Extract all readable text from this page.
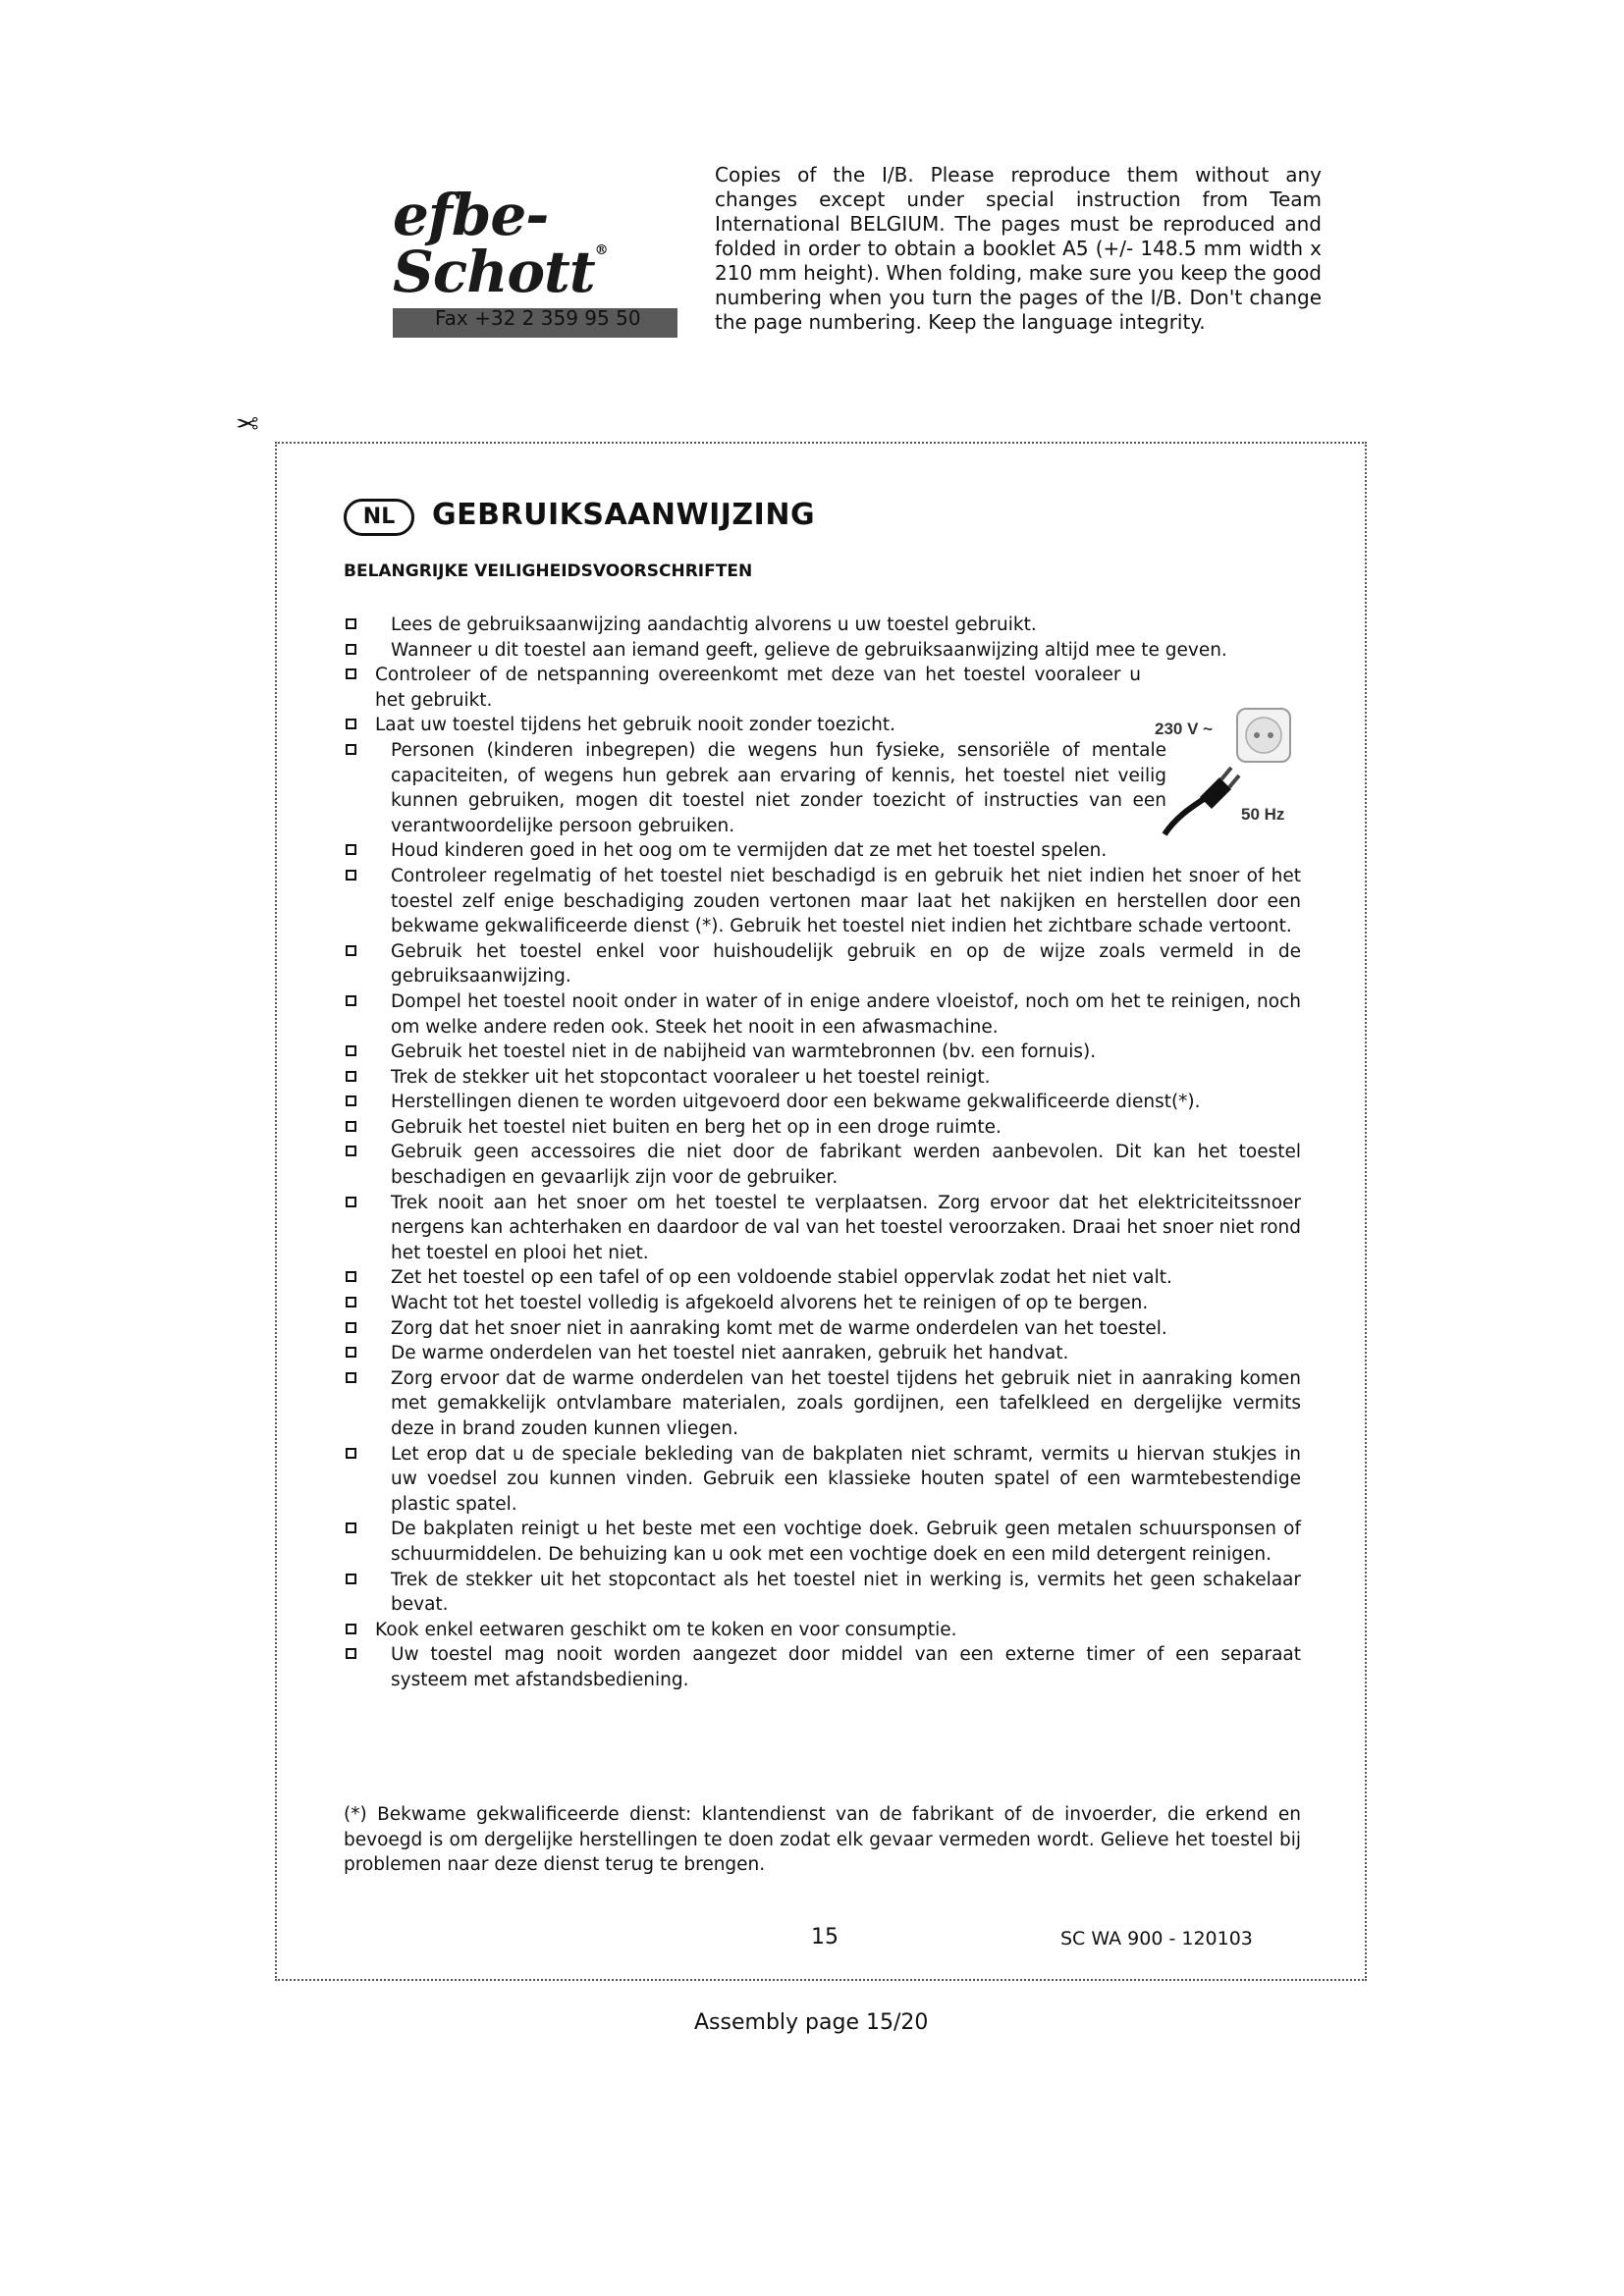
efbe-Schott®
Fax +32 2 359 95 50
Copies of the I/B. Please reproduce them without any changes except under special instruction from Team International BELGIUM. The pages must be reproduced and folded in order to obtain a booklet A5 (+/- 148.5 mm width x 210 mm height). When folding, make sure you keep the good numbering when you turn the pages of the I/B. Don't change the page numbering. Keep the language integrity.
✂
NL	GEBRUIKSAANWIJZING
BELANGRIJKE VEILIGHEIDSVOORSCHRIFTEN
Lees de gebruiksaanwijzing aandachtig alvorens u uw toestel gebruikt.
Wanneer u dit toestel aan iemand geeft, gelieve de gebruiksaanwijzing altijd mee te geven.
Controleer of de netspanning overeenkomt met deze van het toestel vooraleer u het gebruikt.
Laat uw toestel tijdens het gebruik nooit zonder toezicht.
Personen (kinderen inbegrepen) die wegens hun fysieke, sensoriële of mentale capaciteiten, of wegens hun gebrek aan ervaring of kennis, het toestel niet veilig kunnen gebruiken, mogen dit toestel niet zonder toezicht of instructies van een verantwoordelijke persoon gebruiken.
Houd kinderen goed in het oog om te vermijden dat ze met het toestel spelen.
Controleer regelmatig of het toestel niet beschadigd is en gebruik het niet indien het snoer of het toestel zelf enige beschadiging zouden vertonen maar laat het nakijken en herstellen door een bekwame gekwalificeerde dienst (*). Gebruik het toestel niet indien het zichtbare schade vertoont.
Gebruik het toestel enkel voor huishoudelijk gebruik en op de wijze zoals vermeld in de gebruiksaanwijzing.
Dompel het toestel nooit onder in water of in enige andere vloeistof, noch om het te reinigen, noch om welke andere reden ook. Steek het nooit in een afwasmachine.
Gebruik het toestel niet in de nabijheid van warmtebronnen (bv. een fornuis).
Trek de stekker uit het stopcontact vooraleer u het toestel reinigt.
Herstellingen dienen te worden uitgevoerd door een bekwame gekwalificeerde dienst(*).
Gebruik het toestel niet buiten en berg het op in een droge ruimte.
Gebruik geen accessoires die niet door de fabrikant werden aanbevolen. Dit kan het toestel beschadigen en gevaarlijk zijn voor de gebruiker.
Trek nooit aan het snoer om het toestel te verplaatsen. Zorg ervoor dat het elektriciteitssnoer nergens kan achterhaken en daardoor de val van het toestel veroorzaken. Draai het snoer niet rond het toestel en plooi het niet.
Zet het toestel op een tafel of op een voldoende stabiel oppervlak zodat het niet valt.
Wacht tot het toestel volledig is afgekoeld alvorens het te reinigen of op te bergen.
Zorg dat het snoer niet in aanraking komt met de warme onderdelen van het toestel.
De warme onderdelen van het toestel niet aanraken, gebruik het handvat.
Zorg ervoor dat de warme onderdelen van het toestel tijdens het gebruik niet in aanraking komen met gemakkelijk ontvlambare materialen, zoals gordijnen, een tafelkleed en dergelijke vermits deze in brand zouden kunnen vliegen.
Let erop dat u de speciale bekleding van de bakplaten niet schramt, vermits u hiervan stukjes in uw voedsel zou kunnen vinden. Gebruik een klassieke houten spatel of een warmtebestendige plastic spatel.
De bakplaten reinigt u het beste met een vochtige doek. Gebruik geen metalen schuursponsen of schuurmiddelen. De behuizing kan u ook met een vochtige doek en een mild detergent reinigen.
Trek de stekker uit het stopcontact als het toestel niet in werking is, vermits het geen schakelaar bevat.
Kook enkel eetwaren geschikt om te koken en voor consumptie.
Uw toestel mag nooit worden aangezet door middel van een externe timer of een separaat systeem met afstandsbediening.
230 V ~
50 Hz
(*) Bekwame gekwalificeerde dienst: klantendienst van de fabrikant of de invoerder, die erkend en bevoegd is om dergelijke herstellingen te doen zodat elk gevaar vermeden wordt. Gelieve het toestel bij problemen naar deze dienst terug te brengen.
15	SC WA 900 - 120103
Assembly page 15/20
